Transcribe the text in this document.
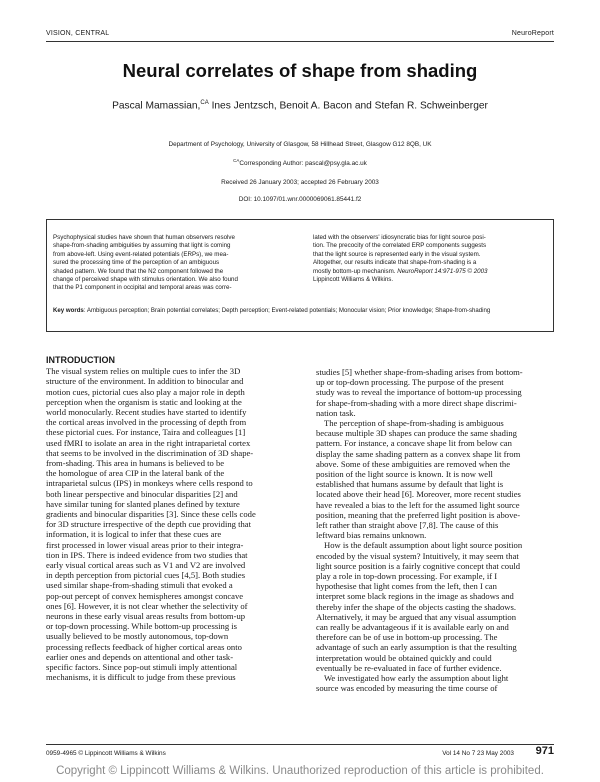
VISION, CENTRAL	NeuroReport
Neural correlates of shape from shading
Pascal Mamassian,$^{CA}$ Ines Jentzsch, Benoit A. Bacon and Stefan R. Schweinberger
Department of Psychology, University of Glasgow, 58 Hillhead Street, Glasgow G12 8QB, UK
$^{CA}$Corresponding Author: pascal@psy.gla.ac.uk
Received 26 January 2003; accepted 26 February 2003
DOI: 10.1097/01.wnr.0000069061.85441.f2
Psychophysical studies have shown that human observers resolve
shape-from-shading ambiguities by assuming that light is coming
from above-left. Using event-related potentials (ERPs), we mea-
sured the processing time of the perception of an ambiguous
shaded pattern. We found that the N2 component followed the
change of perceived shape with stimulus orientation. We also found
that the P1 component in occipital and temporal areas was corre-
lated with the observers' idiosyncratic bias for light source posi-
tion. The precocity of the correlated ERP components suggests
that the light source is represented early in the visual system.
Altogether, our results indicate that shape-from-shading is a
mostly bottom-up mechanism. NeuroReport 14:971-975 © 2003
Lippincott Williams & Wilkins.
Key words: Ambiguous perception; Brain potential correlates; Depth perception; Event-related potentials; Monocular vision; Prior knowledge; Shape-from-shading
INTRODUCTION
The visual system relies on multiple cues to infer the 3D
structure of the environment. In addition to binocular and
motion cues, pictorial cues also play a major role in depth
perception when the organism is static and looking at the
world monocularly. Recent studies have started to identify
the cortical areas involved in the processing of depth from
these pictorial cues. For instance, Taira and colleagues [1]
used fMRI to isolate an area in the right intraparietal cortex
that seems to be involved in the discrimination of 3D shape-
from-shading. This area in humans is believed to be
the homologue of area CIP in the lateral bank of the
intraparietal sulcus (IPS) in monkeys where cells respond to
both linear perspective and binocular disparities [2] and
have similar tuning for slanted planes defined by texture
gradients and binocular disparities [3]. Since these cells code
for 3D structure irrespective of the depth cue providing that
information, it is logical to infer that these cues are
first processed in lower visual areas prior to their integra-
tion in IPS. There is indeed evidence from two studies that
early visual cortical areas such as V1 and V2 are involved
in depth perception from pictorial cues [4,5]. Both studies
used similar shape-from-shading stimuli that evoked a
pop-out percept of convex hemispheres amongst concave
ones [6]. However, it is not clear whether the selectivity of
neurons in these early visual areas results from bottom-up
or top-down processing. While bottom-up processing is
usually believed to be mostly autonomous, top-down
processing reflects feedback of higher cortical areas onto
earlier ones and depends on attentional and other task-
specific factors. Since pop-out stimuli imply attentional
mechanisms, it is difficult to judge from these previous
studies [5] whether shape-from-shading arises from bottom-
up or top-down processing. The purpose of the present
study was to reveal the importance of bottom-up processing
for shape-from-shading with a more direct shape discrimi-
nation task.
The perception of shape-from-shading is ambiguous
because multiple 3D shapes can produce the same shading
pattern. For instance, a concave shape lit from below can
display the same shading pattern as a convex shape lit from
above. Some of these ambiguities are removed when the
position of the light source is known. It is now well
established that humans assume by default that light is
located above their head [6]. Moreover, more recent studies
have revealed a bias to the left for the assumed light source
position, meaning that the preferred light position is above-
left rather than straight above [7,8]. The cause of this
leftward bias remains unknown.
How is the default assumption about light source position
encoded by the visual system? Intuitively, it may seem that
light source position is a fairly cognitive concept that could
play a role in top-down processing. For example, if I
hypothesise that light comes from the left, then I can
interpret some black regions in the image as shadows and
thereby infer the shape of the objects casting the shadows.
Alternatively, it may be argued that any visual assumption
can really be advantageous if it is available early on and
therefore can be of use in bottom-up processing. The
advantage of such an early assumption is that the resulting
interpretation would be obtained quickly and could
eventually be re-evaluated in face of further evidence.
We investigated how early the assumption about light
source was encoded by measuring the time course of
0959-4965 © Lippincott Williams & Wilkins	Vol 14 No 7 23 May 2003 971
Copyright © Lippincott Williams & Wilkins. Unauthorized reproduction of this article is prohibited.
